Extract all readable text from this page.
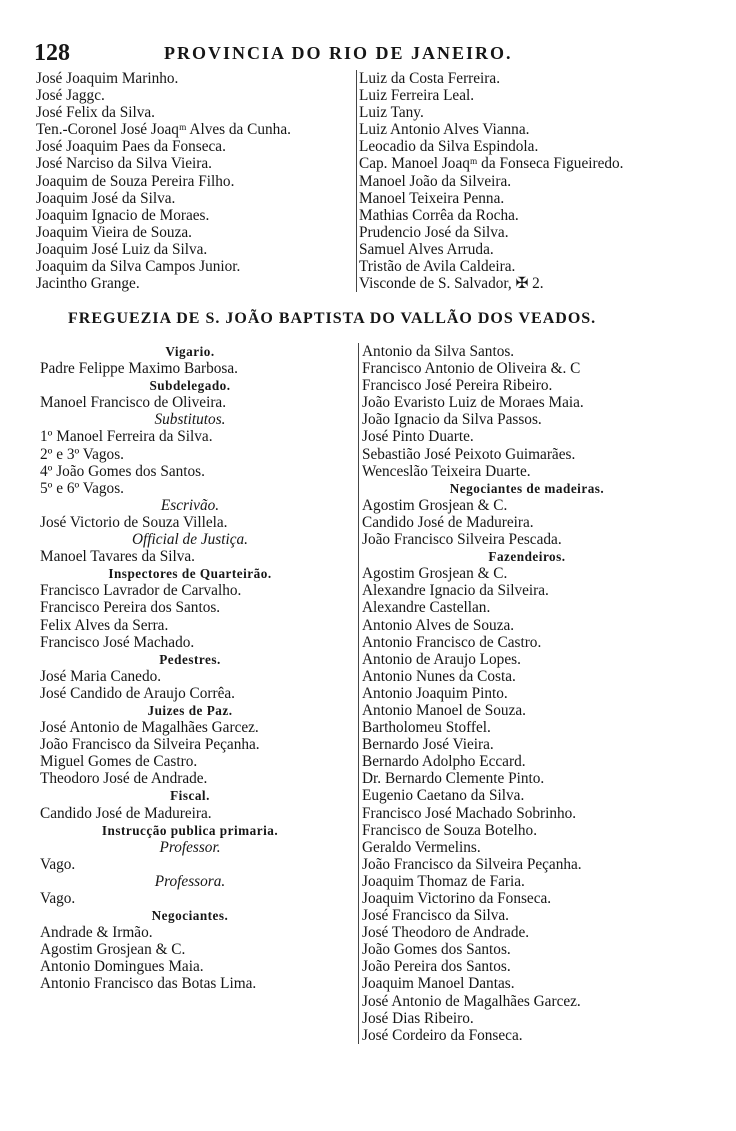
128	PROVINCIA DO RIO DE JANEIRO.
José Joaquim Marinho.
José Jaggc.
José Felix da Silva.
Ten.-Coronel José Joaqᵐ Alves da Cunha.
José Joaquim Paes da Fonseca.
José Narciso da Silva Vieira.
Joaquim de Souza Pereira Filho.
Joaquim José da Silva.
Joaquim Ignacio de Moraes.
Joaquim Vieira de Souza.
Joaquim José Luiz da Silva.
Joaquim da Silva Campos Junior.
Jacintho Grange.
Luiz da Costa Ferreira.
Luiz Ferreira Leal.
Luiz Tany.
Luiz Antonio Alves Vianna.
Leocadio da Silva Espindola.
Cap. Manoel Joaqᵐ da Fonseca Figueiredo.
Manoel João da Silveira.
Manoel Teixeira Penna.
Mathias Corrêa da Rocha.
Prudencio José da Silva.
Samuel Alves Arruda.
Tristão de Avila Caldeira.
Visconde de S. Salvador, ✠ 2.
FREGUEZIA DE S. JOÃO BAPTISTA DO VALLÃO DOS VEADOS.
Vigario.
Padre Felippe Maximo Barbosa.
Subdelegado.
Manoel Francisco de Oliveira.
Substitutos.
1º Manoel Ferreira da Silva.
2º e 3º Vagos.
4º João Gomes dos Santos.
5º e 6º Vagos.
Escrivão.
José Victorio de Souza Villela.
Official de Justiça.
Manoel Tavares da Silva.
Inspectores de Quarteirão.
Francisco Lavrador de Carvalho.
Francisco Pereira dos Santos.
Felix Alves da Serra.
Francisco José Machado.
Pedestres.
José Maria Canedo.
José Candido de Araujo Corrêa.
Juizes de Paz.
José Antonio de Magalhães Garcez.
João Francisco da Silveira Peçanha.
Miguel Gomes de Castro.
Theodoro José de Andrade.
Fiscal.
Candido José de Madureira.
Instrucção publica primaria.
Professor.
Vago.
Professora.
Vago.
Negociantes.
Andrade & Irmão.
Agostim Grosjean & C.
Antonio Domingues Maia.
Antonio Francisco das Botas Lima.
Antonio da Silva Santos.
Francisco Antonio de Oliveira &. C
Francisco José Pereira Ribeiro.
João Evaristo Luiz de Moraes Maia.
João Ignacio da Silva Passos.
José Pinto Duarte.
Sebastião José Peixoto Guimarães.
Wenceslão Teixeira Duarte.
Negociantes de madeiras.
Agostim Grosjean & C.
Candido José de Madureira.
João Francisco Silveira Pescada.
Fazendeiros.
Agostim Grosjean & C.
Alexandre Ignacio da Silveira.
Alexandre Castellan.
Antonio Alves de Souza.
Antonio Francisco de Castro.
Antonio de Araujo Lopes.
Antonio Nunes da Costa.
Antonio Joaquim Pinto.
Antonio Manoel de Souza.
Bartholomeu Stoffel.
Bernardo José Vieira.
Bernardo Adolpho Eccard.
Dr. Bernardo Clemente Pinto.
Eugenio Caetano da Silva.
Francisco José Machado Sobrinho.
Francisco de Souza Botelho.
Geraldo Vermelins.
João Francisco da Silveira Peçanha.
Joaquim Thomaz de Faria.
Joaquim Victorino da Fonseca.
José Francisco da Silva.
José Theodoro de Andrade.
João Gomes dos Santos.
João Pereira dos Santos.
Joaquim Manoel Dantas.
José Antonio de Magalhães Garcez.
José Dias Ribeiro.
José Cordeiro da Fonseca.
